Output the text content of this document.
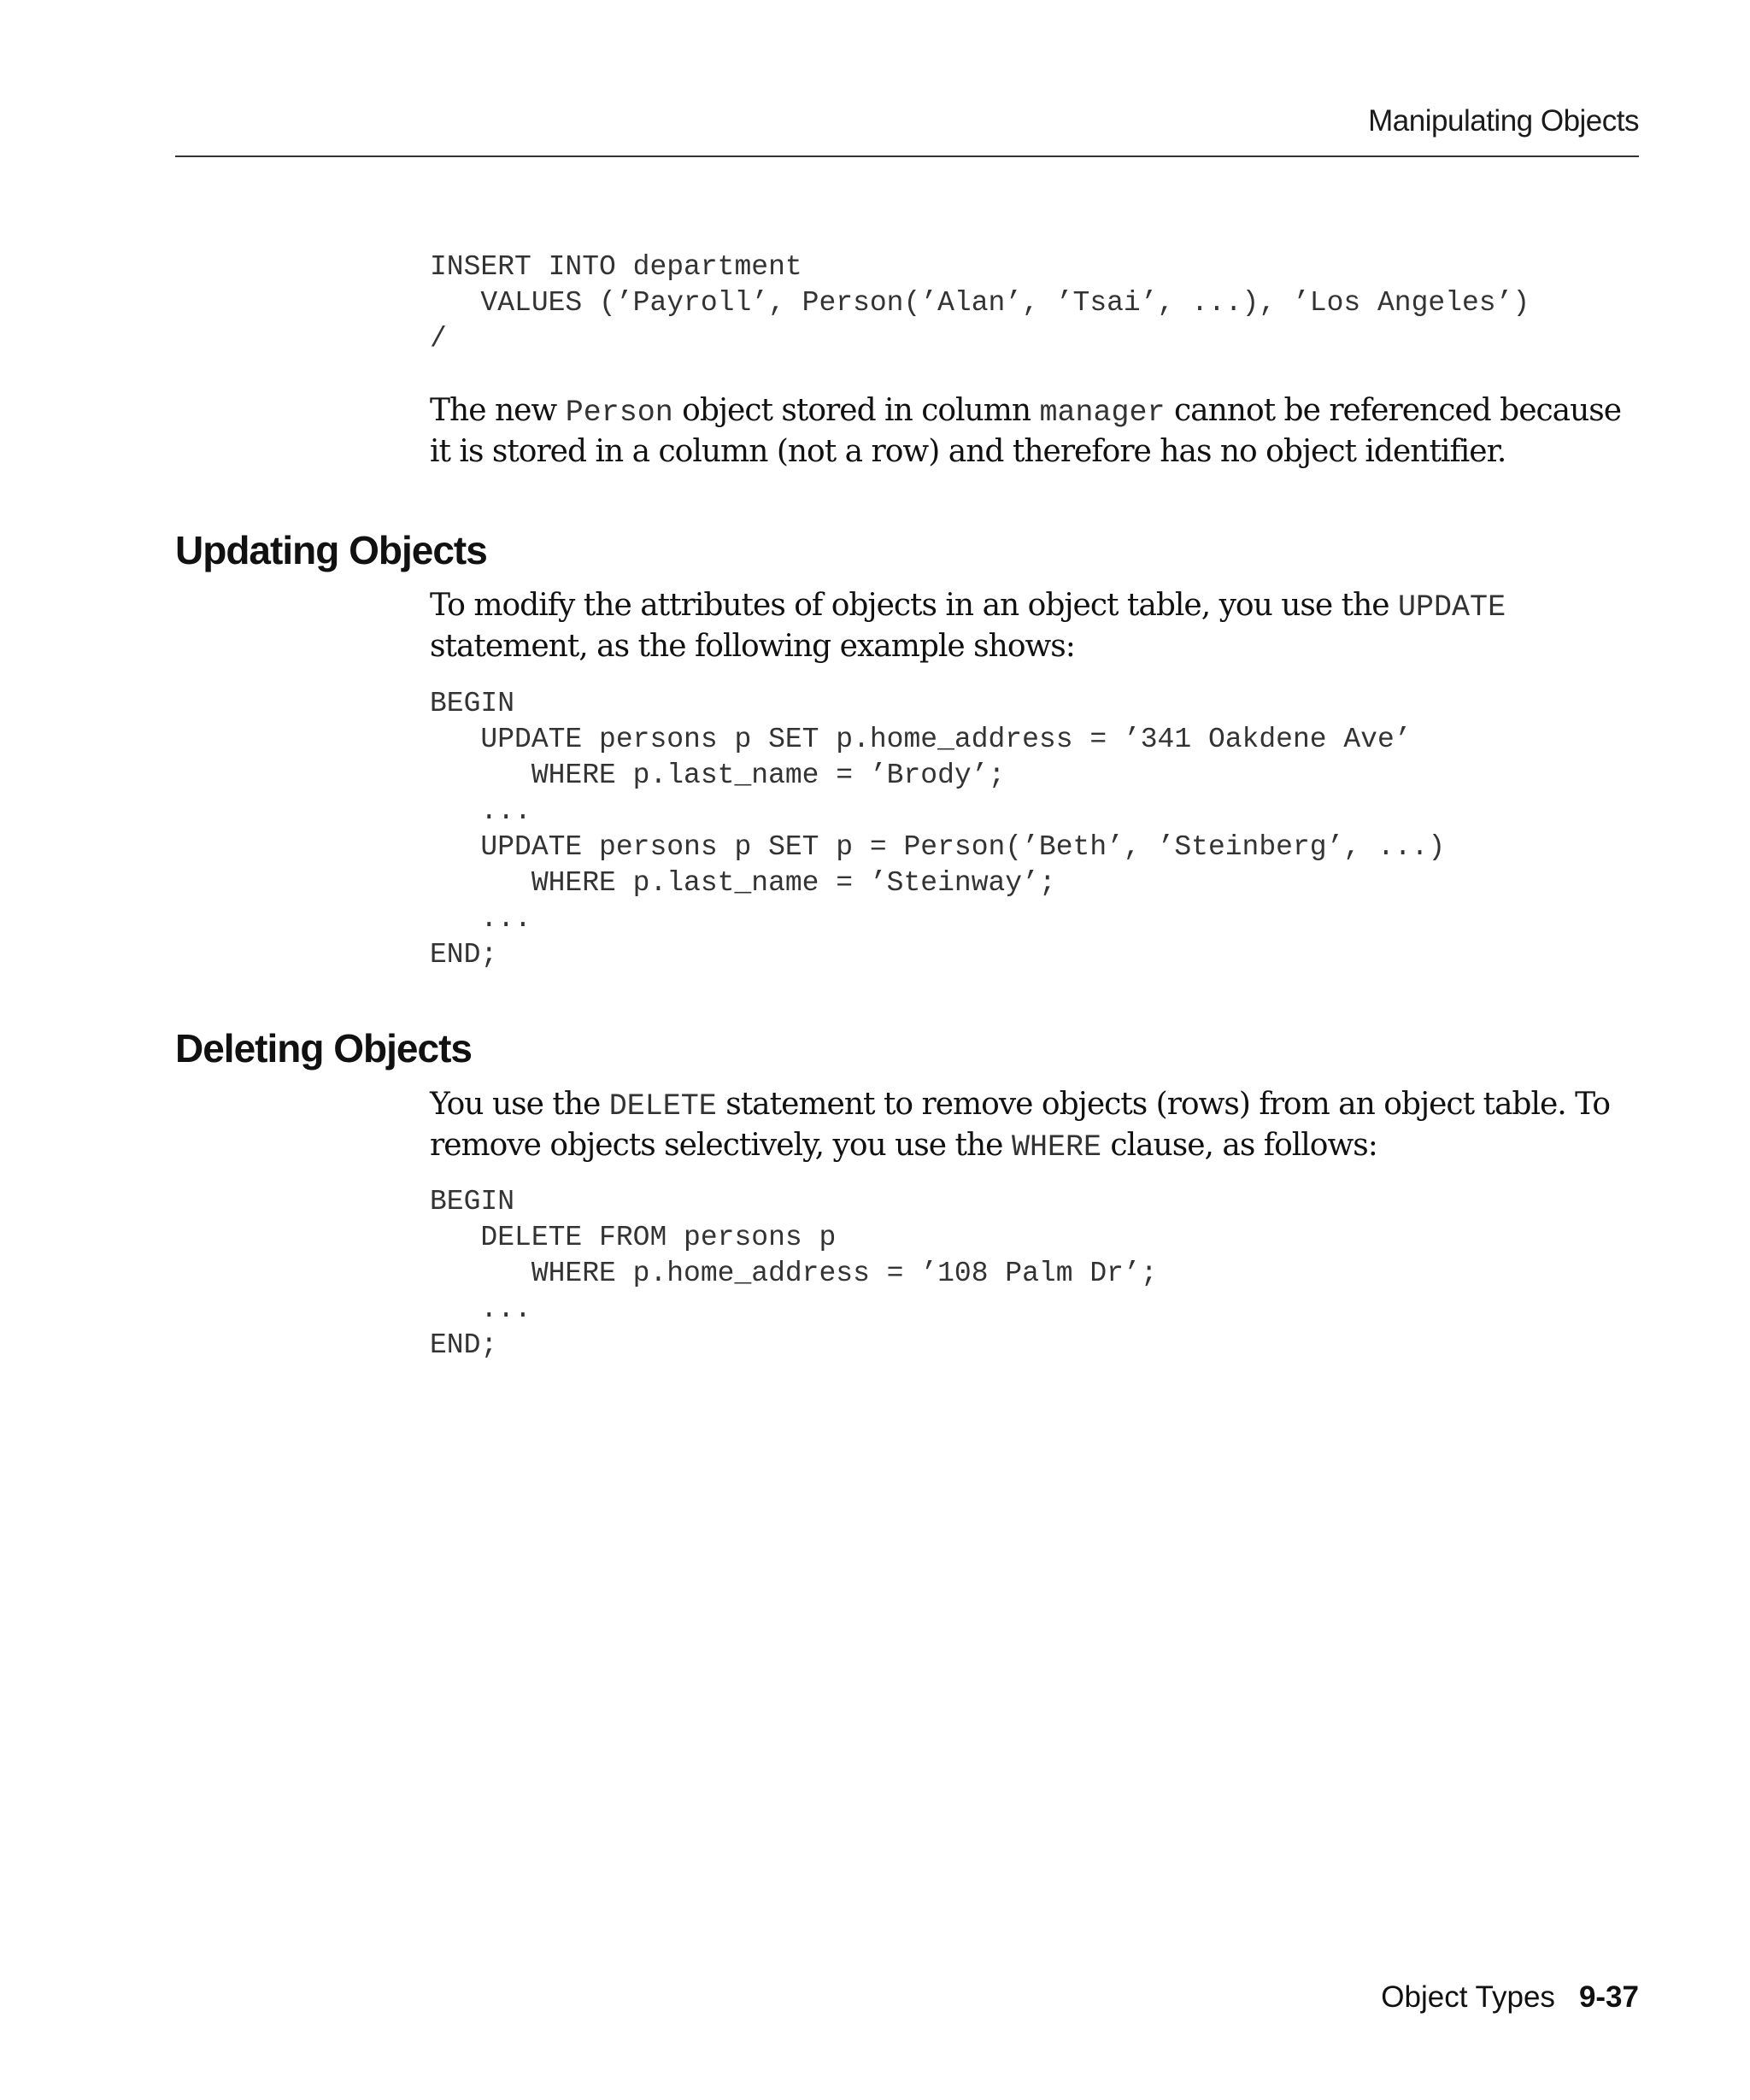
Manipulating Objects
INSERT INTO department
VALUES (’Payroll’, Person(’Alan’, ’Tsai’, ...), ’Los Angeles’)
/

The new Person object stored in column manager cannot be referenced because it is stored in a column (not a row) and therefore has no object identifier.

Updating Objects

To modify the attributes of objects in an object table, you use the UPDATE statement, as the following example shows:

BEGIN
UPDATE persons p SET p.home_address = ’341 Oakdene Ave’
WHERE p.last_name = ’Brody’;
...
UPDATE persons p SET p = Person(’Beth’, ’Steinberg’, ...)
WHERE p.last_name = ’Steinway’;
...
END;
Deleting Objects

You use the DELETE statement to remove objects (rows) from an object table. To remove objects selectively, you use the WHERE clause, as follows:

BEGIN
DELETE FROM persons p
WHERE p.home_address = ’108 Palm Dr’;
...
END;
Object Types 9-37
